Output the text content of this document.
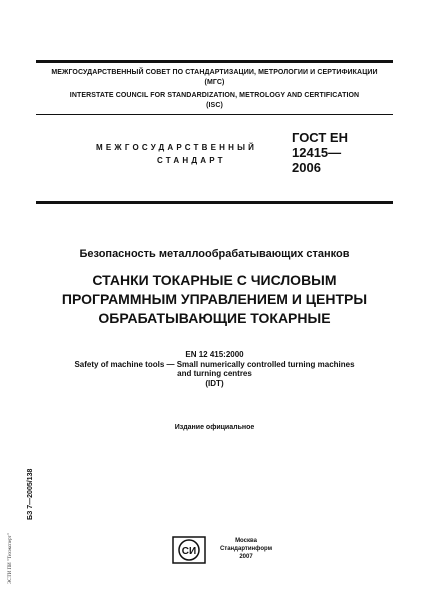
МЕЖГОСУДАРСТВЕННЫЙ СОВЕТ ПО СТАНДАРТИЗАЦИИ, МЕТРОЛОГИИ И СЕРТИФИКАЦИИ
(МГС)
INTERSTATE COUNCIL FOR STANDARDIZATION, METROLOGY AND CERTIFICATION
(ISC)
МЕЖГОСУДАРСТВЕННЫЙ
СТАНДАРТ
ГОСТ ЕН
12415—
2006
Безопасность металлообрабатывающих станков
СТАНКИ ТОКАРНЫЕ С ЧИСЛОВЫМ
ПРОГРАММНЫМ УПРАВЛЕНИЕМ И ЦЕНТРЫ
ОБРАБАТЫВАЮЩИЕ ТОКАРНЫЕ
EN 12 415:2000
Safety of machine tools — Small numerically controlled turning machines
and turning centres
(IDT)
Издание официальное
БЗ 7—2005/138
ЭСТИ ПИ "Техэксперт"	СИ
Москва
Стандартинформ
2007
